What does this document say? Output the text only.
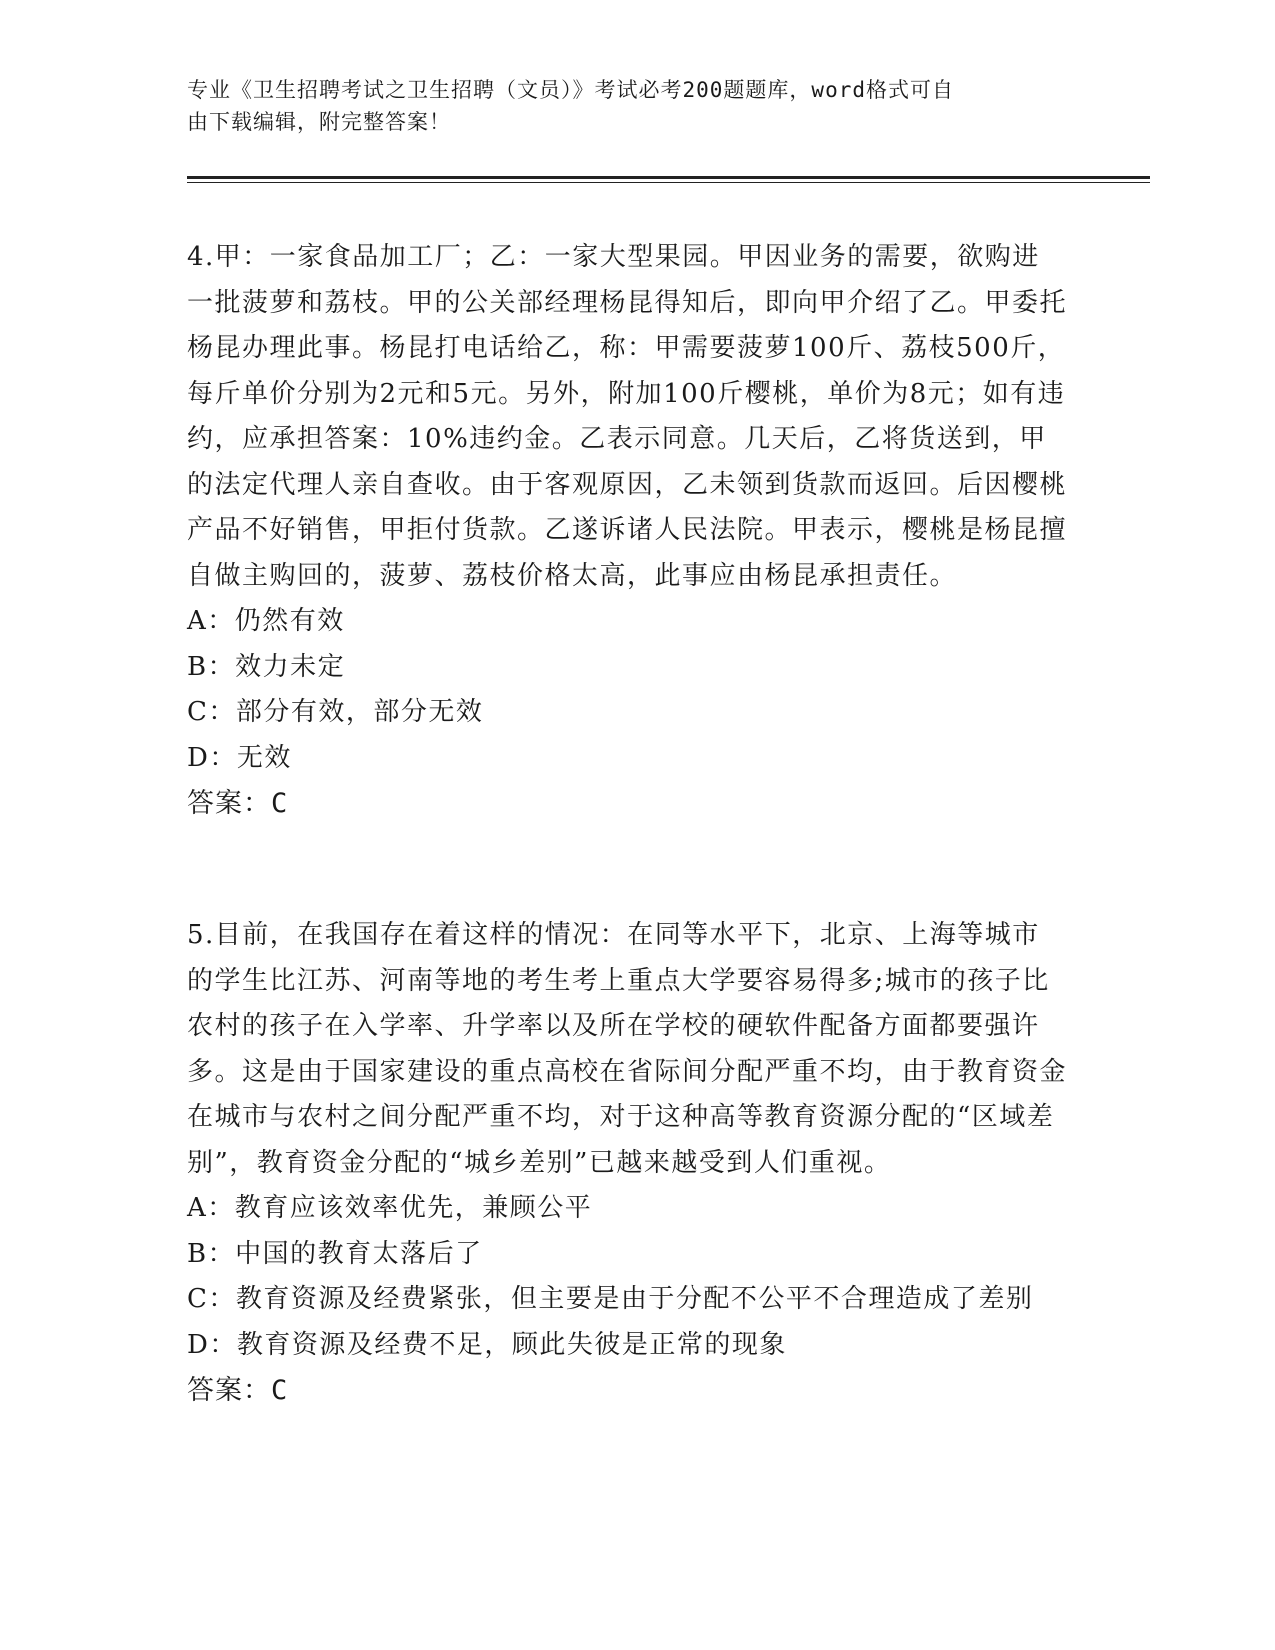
专业《卫生招聘考试之卫生招聘（文员）》考试必考200题题库，word格式可自
由下载编辑，附完整答案！

4.甲：一家食品加工厂；乙：一家大型果园。甲因业务的需要，欲购进一批菠萝和荔枝。甲的公关部经理杨昆得知后，即向甲介绍了乙。甲委托杨昆办理此事。杨昆打电话给乙，称：甲需要菠萝100斤、荔枝500斤，每斤单价分别为2元和5元。另外，附加100斤樱桃，单价为8元；如有违约，应承担答案：10%违约金。乙表示同意。几天后，乙将货送到，甲的法定代理人亲自查收。由于客观原因，乙未领到货款而返回。后因樱桃产品不好销售，甲拒付货款。乙遂诉诸人民法院。甲表示，樱桃是杨昆擅自做主购回的，菠萝、荔枝价格太高，此事应由杨昆承担责任。

A：仍然有效

B：效力未定

C：部分有效，部分无效

D：无效

答案：C

5.目前，在我国存在着这样的情况：在同等水平下，北京、上海等城市的学生比江苏、河南等地的考生考上重点大学要容易得多;城市的孩子比农村的孩子在入学率、升学率以及所在学校的硬软件配备方面都要强许多。这是由于国家建设的重点高校在省际间分配严重不均，由于教育资金在城市与农村之间分配严重不均，对于这种高等教育资源分配的“区域差别”，教育资金分配的“城乡差别”已越来越受到人们重视。

A：教育应该效率优先，兼顾公平

B：中国的教育太落后了

C：教育资源及经费紧张，但主要是由于分配不公平不合理造成了差别

D：教育资源及经费不足，顾此失彼是正常的现象

答案：C
